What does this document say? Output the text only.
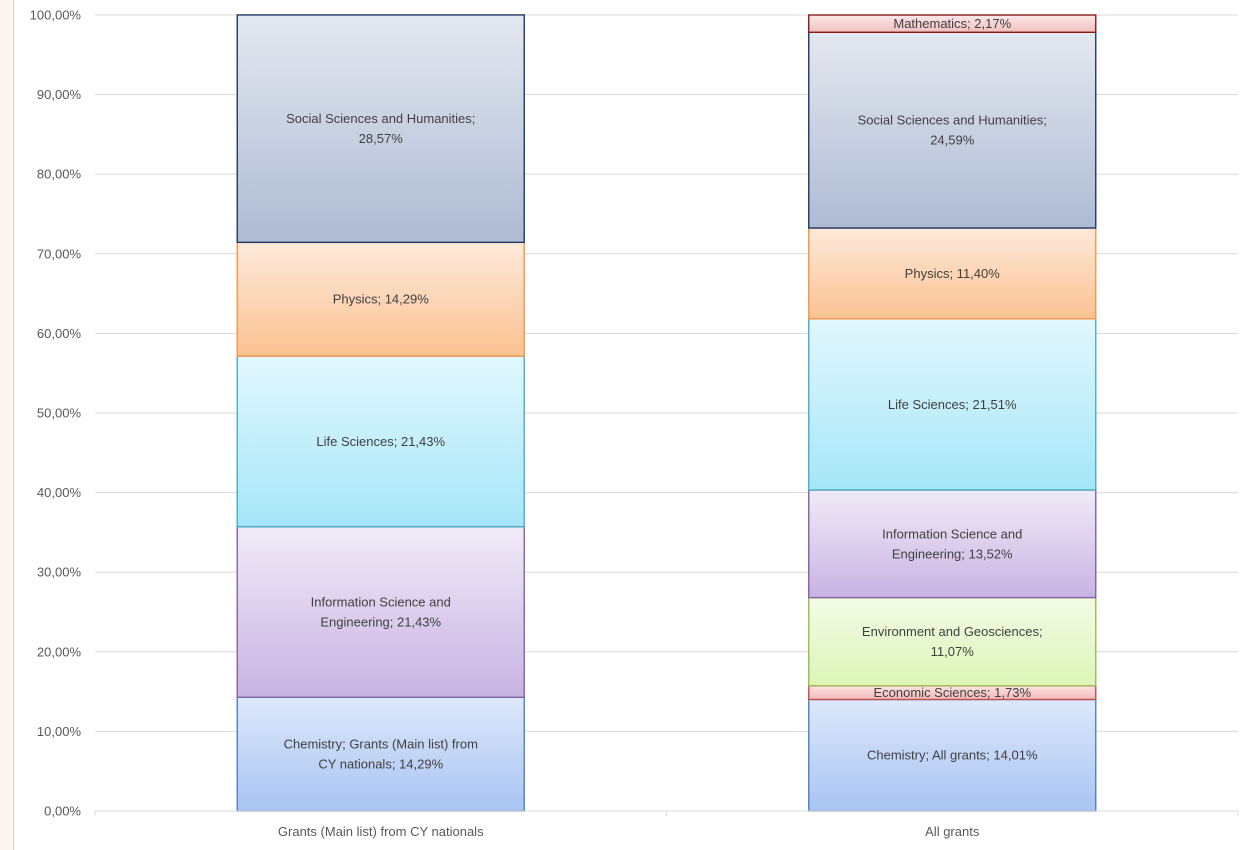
0,00%
10,00%
20,00%
30,00%
40,00%
50,00%
60,00%
70,00%
80,00%
90,00%
100,00%
Chemistry; Grants (Main list) from
CY nationals; 14,29%
Information Science and
Engineering; 21,43%
Life Sciences; 21,43%
Physics; 14,29%
Social Sciences and Humanities;
28,57%
Chemistry; All grants; 14,01%
Economic Sciences; 1,73%
Environment and Geosciences;
11,07%
Information Science and
Engineering; 13,52%
Life Sciences; 21,51%
Physics; 11,40%
Social Sciences and Humanities;
24,59%
Mathematics; 2,17%
Grants (Main list) from CY nationals	All grants
